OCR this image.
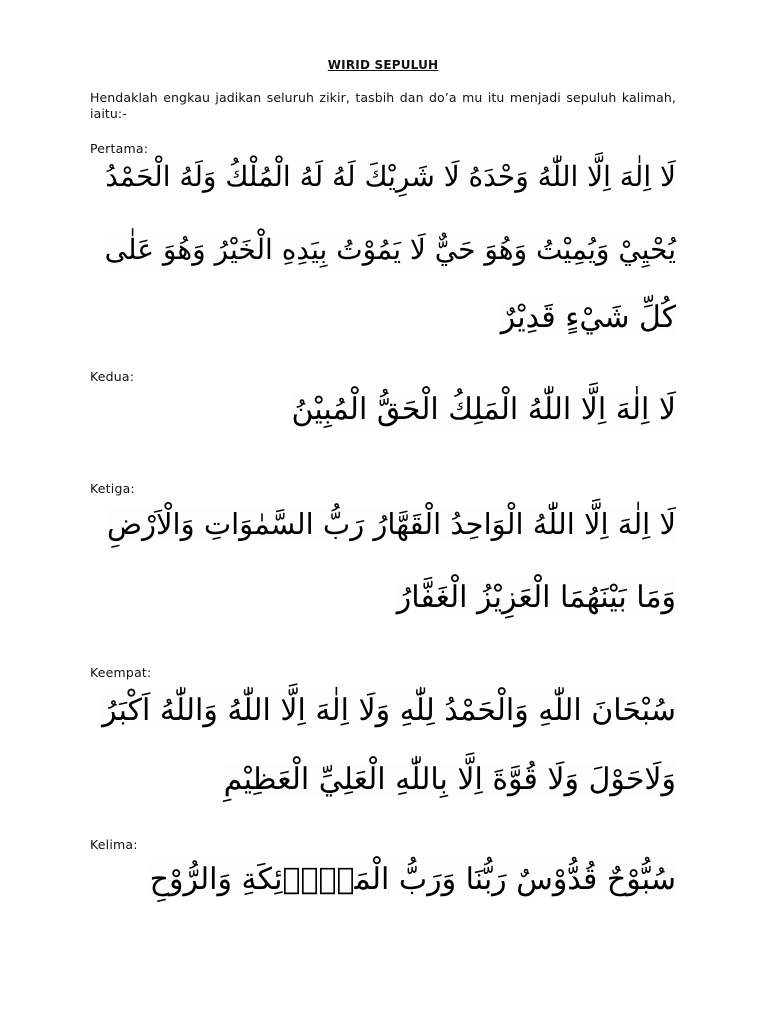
WIRID SEPULUH
Hendaklah engkau jadikan seluruh zikir, tasbih dan do’a mu itu menjadi sepuluh kalimah, iaitu:-
Pertama:
لَا اِلٰهَ اِلَّا اللّٰهُ وَحْدَهُ لَا شَرِيْكَ لَهُ لَهُ الْمُلْكُ وَلَهُ الْحَمْدُ
يُحْيِيْ وَيُمِيْتُ وَهُوَ حَيٌّ لَا يَمُوْتُ بِيَدِهِ الْخَيْرُ وَهُوَ عَلٰى
كُلِّ شَيْءٍ قَدِيْرٌ
Kedua:
لَا اِلٰهَ اِلَّا اللّٰهُ الْمَلِكُ الْحَقُّ الْمُبِيْنُ
Ketiga:
لَا اِلٰهَ اِلَّا اللّٰهُ الْوَاحِدُ الْقَهَّارُ رَبُّ السَّمٰوَاتِ وَالْاَرْضِ
وَمَا بَيْنَهُمَا الْعَزِيْزُ الْغَفَّارُ
Keempat:
سُبْحَانَ اللّٰهِ وَالْحَمْدُ لِلّٰهِ وَلَا اِلٰهَ اِلَّا اللّٰهُ وَاللّٰهُ اَكْبَرُ
وَلَاحَوْلَ وَلَا قُوَّةَ اِلَّا بِاللّٰهِ الْعَلِيِّ الْعَظِيْمِ
Kelima:
سُبُّوْحٌ قُدُّوْسٌ رَبُّنَا وَرَبُّ الْمَلَاۤئِكَةِ وَالرُّوْحِ
